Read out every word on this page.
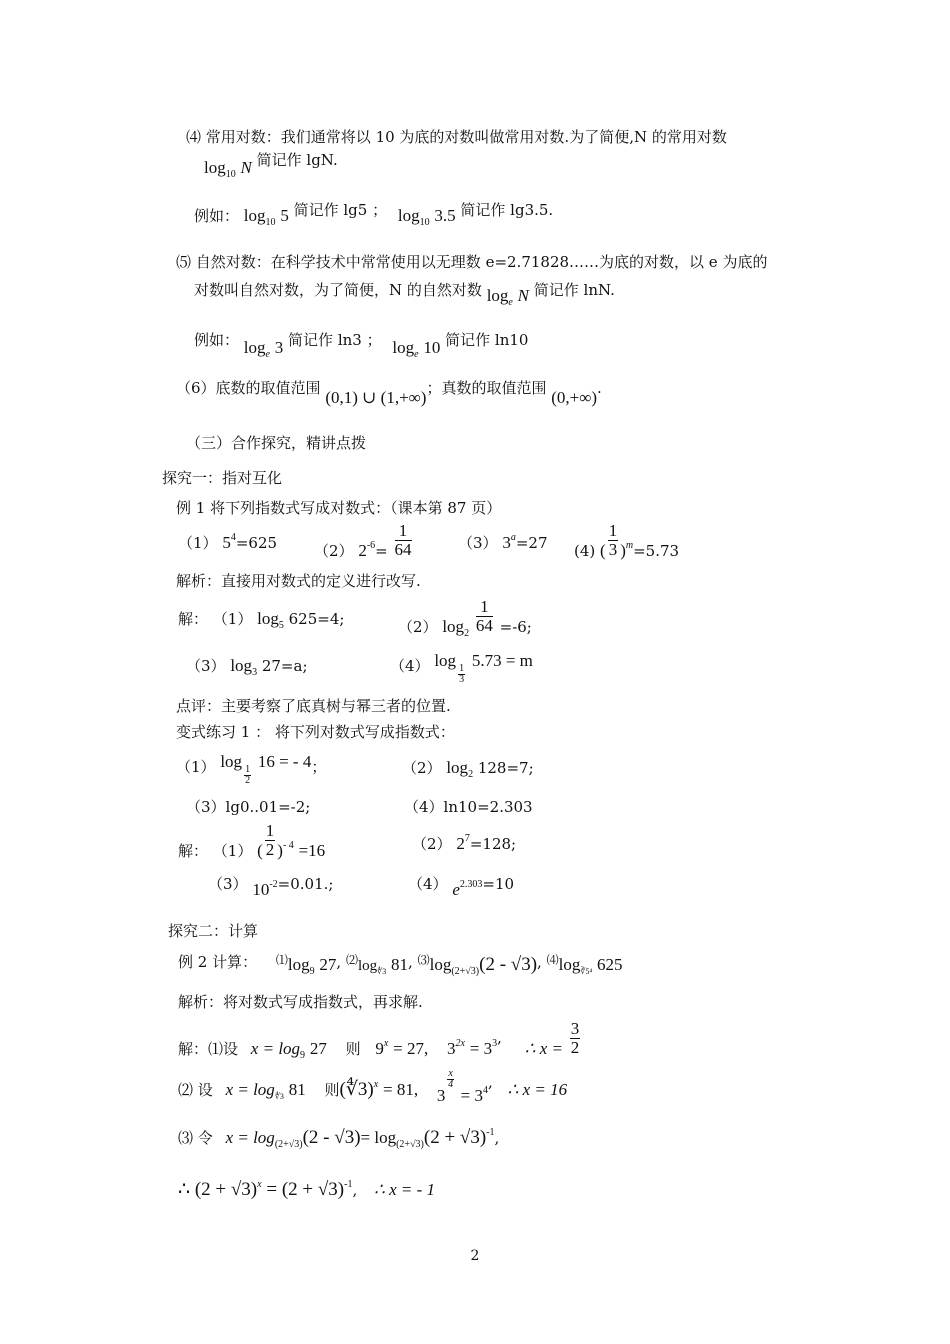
⑷ 常用对数：我们通常将以 10 为底的对数叫做常用对数.为了简便,N 的常用对数
$\log_{10} N$ 简记作 lgN.
例如： $\log_{10} 5$ 简记作 lg5 ； $\log_{10} 3.5$ 简记作 lg3.5.
⑸ 自然对数：在科学技术中常常使用以无理数 e=2.71828……为底的对数，以 e 为底的
对数叫自然对数，为了简便，N 的自然对数 $\log_e N$ 简记作 lnN.
例如： $\log_e 3$ 简记作 ln3 ； $\log_e 10$ 简记作 ln10
（6）底数的取值范围 (0,1) ∪ (1,+∞)；真数的取值范围 (0,+∞).
（三）合作探究，精讲点拨
探究一：指对互化
例 1 将下列指数式写成对数式：（课本第 87 页）
（1） $5^4=625$ （2） $2_{-6}= \frac{1}{64}$	（3） $3^a=27$ (4) ( $\frac{1}{3} )_m=5.73$
解析：直接用对数式的定义进行改写.
解： （1） $\log_5 625=4$;	（2） $\log_2 \frac{1}{64} =-6$;
（3） $\log_3 27=a$;	（4） log
$\frac{1}{3}$
5.73 = m
点评：主要考察了底真树与幂三者的位置.
变式练习 1 ： 将下列对数式写成指数式：
（1） log
$\frac{1}{2}$
16 = - 4；	（2） $\log_2 128=7$;
（3）lg0..01=-2;	（4）ln10=2.303
解： （1） ( $\frac{1}{2} )_{- 4} =16$	（2） $2^7=128$;
（3） 10-2=0.01.;	（4） e2.303=10
探究二：计算
例 2 计算： $^⑴\log_9$ 27, $^⑵\log_{∜3}$ 81, $^⑶\log_{(2+√3)}(2 - √3)$, $^⑷\log_{∛5^4}$ 625
解析：将对数式写成指数式，再求解.
解：⑴设 $x = \log_9 27$ 则 $9_x = 27$, $3_{2x} = 3_3$, ∴ $x = \frac{3}{2}$
⑵ 设 $x = \log_{∜3} 81$ 则(∜3)x = 81, 3
$\frac{x}{4}$
= $3_4$, ∴ x = 16
⑶ 令 $x = \log_{(2+√3)}(2 - √3)= \log_{(2+√3)}(2 + √3)^{-1}$,
∴ $(2 + √3)^x = (2 + √3)^{-1}$, ∴ x = - 1
2
